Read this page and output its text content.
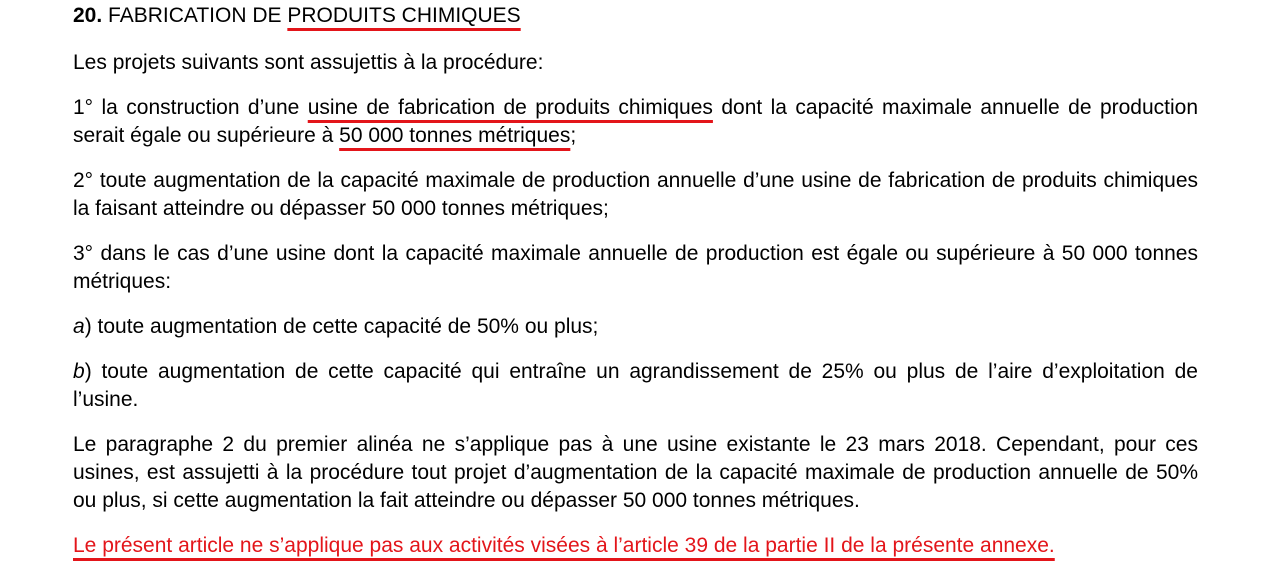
20. FABRICATION DE PRODUITS CHIMIQUES
Les projets suivants sont assujettis à la procédure:
1° la construction d’une usine de fabrication de produits chimiques dont la capacité maximale annuelle de production serait égale ou supérieure à 50 000 tonnes métriques;
2° toute augmentation de la capacité maximale de production annuelle d’une usine de fabrication de produits chimiques la faisant atteindre ou dépasser 50 000 tonnes métriques;
3° dans le cas d’une usine dont la capacité maximale annuelle de production est égale ou supérieure à 50 000 tonnes métriques:
a) toute augmentation de cette capacité de 50% ou plus;
b) toute augmentation de cette capacité qui entraîne un agrandissement de 25% ou plus de l’aire d’exploitation de l’usine.
Le paragraphe 2 du premier alinéa ne s’applique pas à une usine existante le 23 mars 2018. Cependant, pour ces usines, est assujetti à la procédure tout projet d’augmentation de la capacité maximale de production annuelle de 50% ou plus, si cette augmentation la fait atteindre ou dépasser 50 000 tonnes métriques.
Le présent article ne s’applique pas aux activités visées à l’article 39 de la partie II de la présente annexe.
